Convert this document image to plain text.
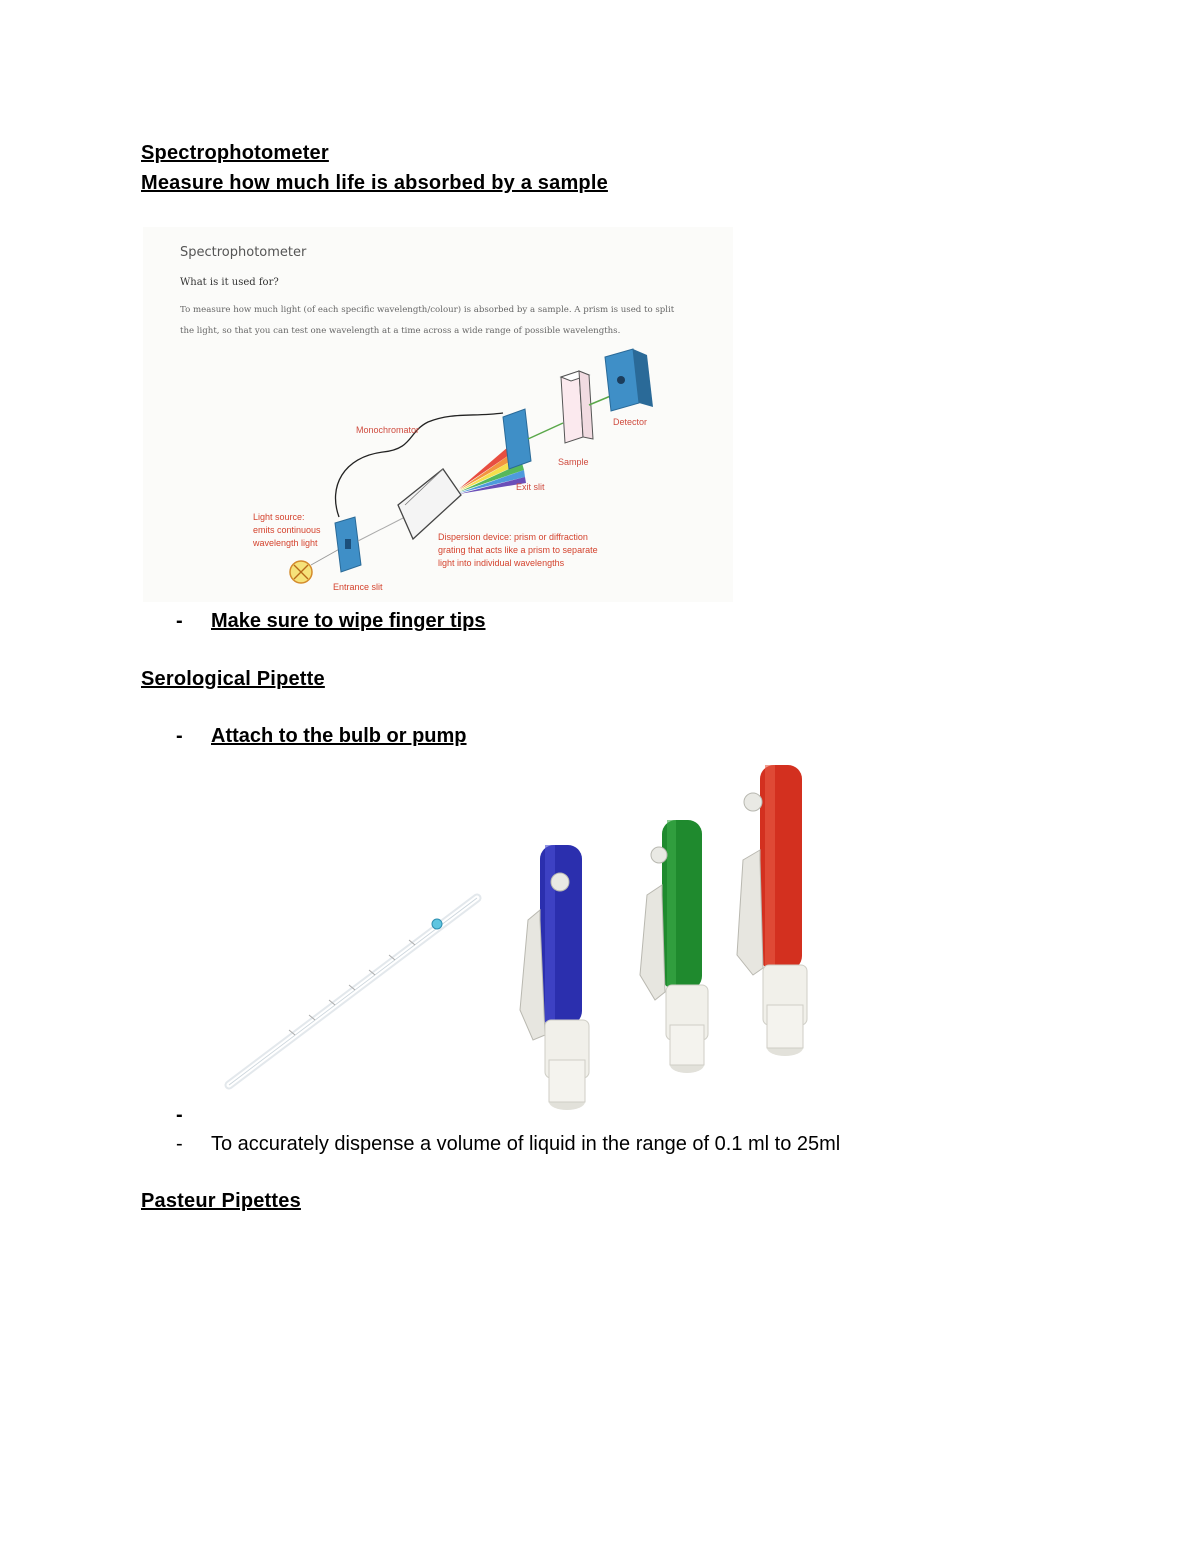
Spectrophotometer
Measure how much life is absorbed by a sample
Spectrophotometer
What is it used for?
To measure how much light (of each specific wavelength/colour) is absorbed by a sample. A prism is used to split
the light, so that you can test one wavelength at a time across a wide range of possible wavelengths.
Monochromator
Detector
Sample
Exit slit
Light source:
emits continuous
wavelength light
Entrance slit
Dispersion device: prism or diffraction
grating that acts like a prism to separate
light into individual wavelengths
- Make sure to wipe finger tips
Serological Pipette
- Attach to the bulb or pump
-
- To accurately dispense a volume of liquid in the range of 0.1 ml to 25ml
Pasteur Pipettes
